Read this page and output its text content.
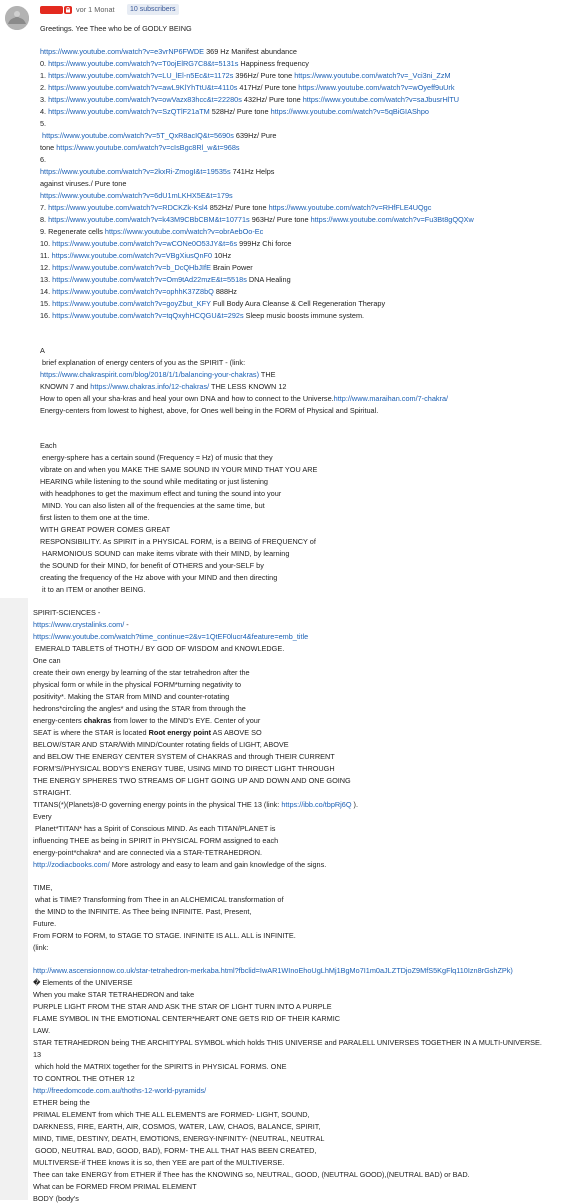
vor 1 Monat	10 subscribers
Greetings. Yee Thee who be of GODLY BEING
https://www.youtube.com/watch?v=e3vrNP6FWDE 369 Hz Manifest abundance
0. https://www.youtube.com/watch?v=T0ojElRG7C8&t=5131s Happiness frequency
1. https://www.youtube.com/watch?v=LU_lEl-n5Ec&t=1172s 396Hz/ Pure tone https://www.youtube.com/watch?v=_Vci3ni_ZzM
2. https://www.youtube.com/watch?v=awL9KlYhTtU&t=4110s 417Hz/ Pure tone https://www.youtube.com/watch?v=wOyeff9uUrk
3. https://www.youtube.com/watch?v=owVazx83hcc&t=22280s 432Hz/ Pure tone https://www.youtube.com/watch?v=saJbusrHlTU
4. https://www.youtube.com/watch?v=SzQTlF21aTM 528Hz/ Pure tone https://www.youtube.com/watch?v=5qBiGIAShpo
5.
https://www.youtube.com/watch?v=5T_QxR8acIQ&t=5690s 639Hz/ Pure
tone https://www.youtube.com/watch?v=cIsBgc8Rl_w&t=968s
6.
https://www.youtube.com/watch?v=2kxRi-ZmogI&t=19535s 741Hz Helps
against viruses./ Pure tone
https://www.youtube.com/watch?v=6dU1mLKHX5E&t=179s
7. https://www.youtube.com/watch?v=RDCKZk-Ksl4 852Hz/ Pure tone https://www.youtube.com/watch?v=RHfFLE4UQgc
8. https://www.youtube.com/watch?v=k43M9CBbCBM&t=10771s 963Hz/ Pure tone https://www.youtube.com/watch?v=Fu3Bt8gQQXw
9. Regenerate cells https://www.youtube.com/watch?v=obrAebOo-Ec
10. https://www.youtube.com/watch?v=wCONe0O53JY&t=6s 999Hz Chi force
11. https://www.youtube.com/watch?v=VBgXiusQnF0 10Hz
12. https://www.youtube.com/watch?v=b_DcQHbJIfE Brain Power
13. https://www.youtube.com/watch?v=Om9tAd22mzE&t=5518s DNA Healing
14. https://www.youtube.com/watch?v=ophhK37Z8bQ 888Hz
15. https://www.youtube.com/watch?v=goyZbut_KFY Full Body Aura Cleanse & Cell Regeneration Therapy
16. https://www.youtube.com/watch?v=tqQxyhHCQGU&t=292s Sleep music boosts immune system.
A
brief explanation of energy centers of you as the SPIRIT - (link:
https://www.chakraspirit.com/blog/2018/1/1/balancing-your-chakras) THE
KNOWN 7 and https://www.chakras.info/12-chakras/ THE LESS KNOWN 12
How to open all your sha-kras and heal your own DNA and how to connect to the Universe.http://www.maraihan.com/7-chakra/
Energy-centers from lowest to highest, above, for Ones well being in the FORM of Physical and Spiritual.
Each
energy-sphere has a certain sound (Frequency = Hz) of music that they
vibrate on and when you MAKE THE SAME SOUND IN YOUR MIND THAT YOU ARE
HEARING while listening to the sound while meditating or just listening
with headphones to get the maximum effect and tuning the sound into your
MIND. You can also listen all of the frequencies at the same time, but
first listen to them one at the time.
WITH GREAT POWER COMES GREAT
RESPONSIBILITY. As SPIRIT in a PHYSICAL FORM, is a BEING of FREQUENCY of
HARMONIOUS SOUND can make items vibrate with their MIND, by learning
the SOUND for their MIND, for benefit of OTHERS and your-SELF by
creating the frequency of the Hz above with your MIND and then directing
it to an ITEM or another BEING.
SPIRIT-SCIENCES -
https://www.crystalinks.com/ -
https://www.youtube.com/watch?time_continue=2&v=1QtEF0lucr4&feature=emb_title
EMERALD TABLETS of THOTH./ BY GOD OF WISDOM and KNOWLEDGE.
One can
create their own energy by learning of the star tetrahedron after the
physical form or while in the physical FORM*turning negativity to
positivity*. Making the STAR from MIND and counter-rotating
hedrons*circling the angles* and using the STAR from through the
energy-centers chakras from lower to the MIND's EYE. Center of your
SEAT is where the STAR is located Root energy point AS ABOVE SO
BELOW/STAR AND STAR/With MIND/Counter rotating fields of LIGHT, ABOVE
and BELOW THE ENERGY CENTER SYSTEM of CHAKRAS and through THEIR CURRENT
FORM'S//PHYSICAL BODY'S ENERGY TUBE, USING MIND TO DIRECT LIGHT THROUGH
THE ENERGY SPHERES TWO STREAMS OF LIGHT GOING UP AND DOWN AND ONE GOING
STRAIGHT.
TITANS(*)(Planets)8-D governing energy points in the physical THE 13 (link: https://ibb.co/tbpRj6Q ).
Every
Planet*TITAN* has a Spirit of Conscious MIND. As each TITAN/PLANET is
influencing THEE as being in SPIRIT in PHYSICAL FORM assigned to each
energy-point*chakra* and are connected via a STAR-TETRAHEDRON.
http://zodiacbooks.com/ More astrology and easy to learn and gain knowledge of the signs.
TIME,
what is TIME? Transforming from Thee in an ALCHEMICAL transformation of
the MIND to the INFINITE. As Thee being INFINITE. Past, Present,
Future.
From FORM to FORM, to STAGE TO STAGE. INFINITE IS ALL. ALL is INFINITE.
(link:
http://www.ascensionnow.co.uk/star-tetrahedron-merkaba.html?fbclid=IwAR1WInoEhoUgLhMj1BgMo7I1m0aJLZTDjoZ9MfS5KgFlq110Izn8rGshZPk)
� Elements of the UNIVERSE
When you make STAR TETRAHEDRON and take
PURPLE LIGHT FROM THE STAR AND ASK THE STAR OF LIGHT TURN INTO A PURPLE
FLAME SYMBOL IN THE EMOTIONAL CENTER*HEART ONE GETS RID OF THEIR KARMIC
LAW.
STAR TETRAHEDRON being THE ARCHITYPAL SYMBOL which holds THIS UNIVERSE and PARALELL UNIVERSES TOGETHER IN A MULTI-UNIVERSE.
13
which hold the MATRIX together for the SPIRITS in PHYSICAL FORMS. ONE
TO CONTROL THE OTHER 12
http://freedomcode.com.au/thoths-12-world-pyramids/
ETHER being the
PRIMAL ELEMENT from which THE ALL ELEMENTS are FORMED- LIGHT, SOUND,
DARKNESS, FIRE, EARTH, AIR, COSMOS, WATER, LAW, CHAOS, BALANCE, SPIRIT,
MIND, TIME, DESTINY, DEATH, EMOTIONS, ENERGY-INFINITY- (NEUTRAL, NEUTRAL
GOOD, NEUTRAL BAD, GOOD, BAD), FORM- THE ALL THAT HAS BEEN CREATED,
MULTIVERSE-if THEE knows it is so, then YEE are part of the MULTIVERSE.
Thee can take ENERGY from ETHER if Thee has the KNOWING so, NEUTRAL, GOOD, (NEUTRAL GOOD),(NEUTRAL BAD) or BAD.
What can be FORMED FROM PRIMAL ELEMENT
BODY (body's
